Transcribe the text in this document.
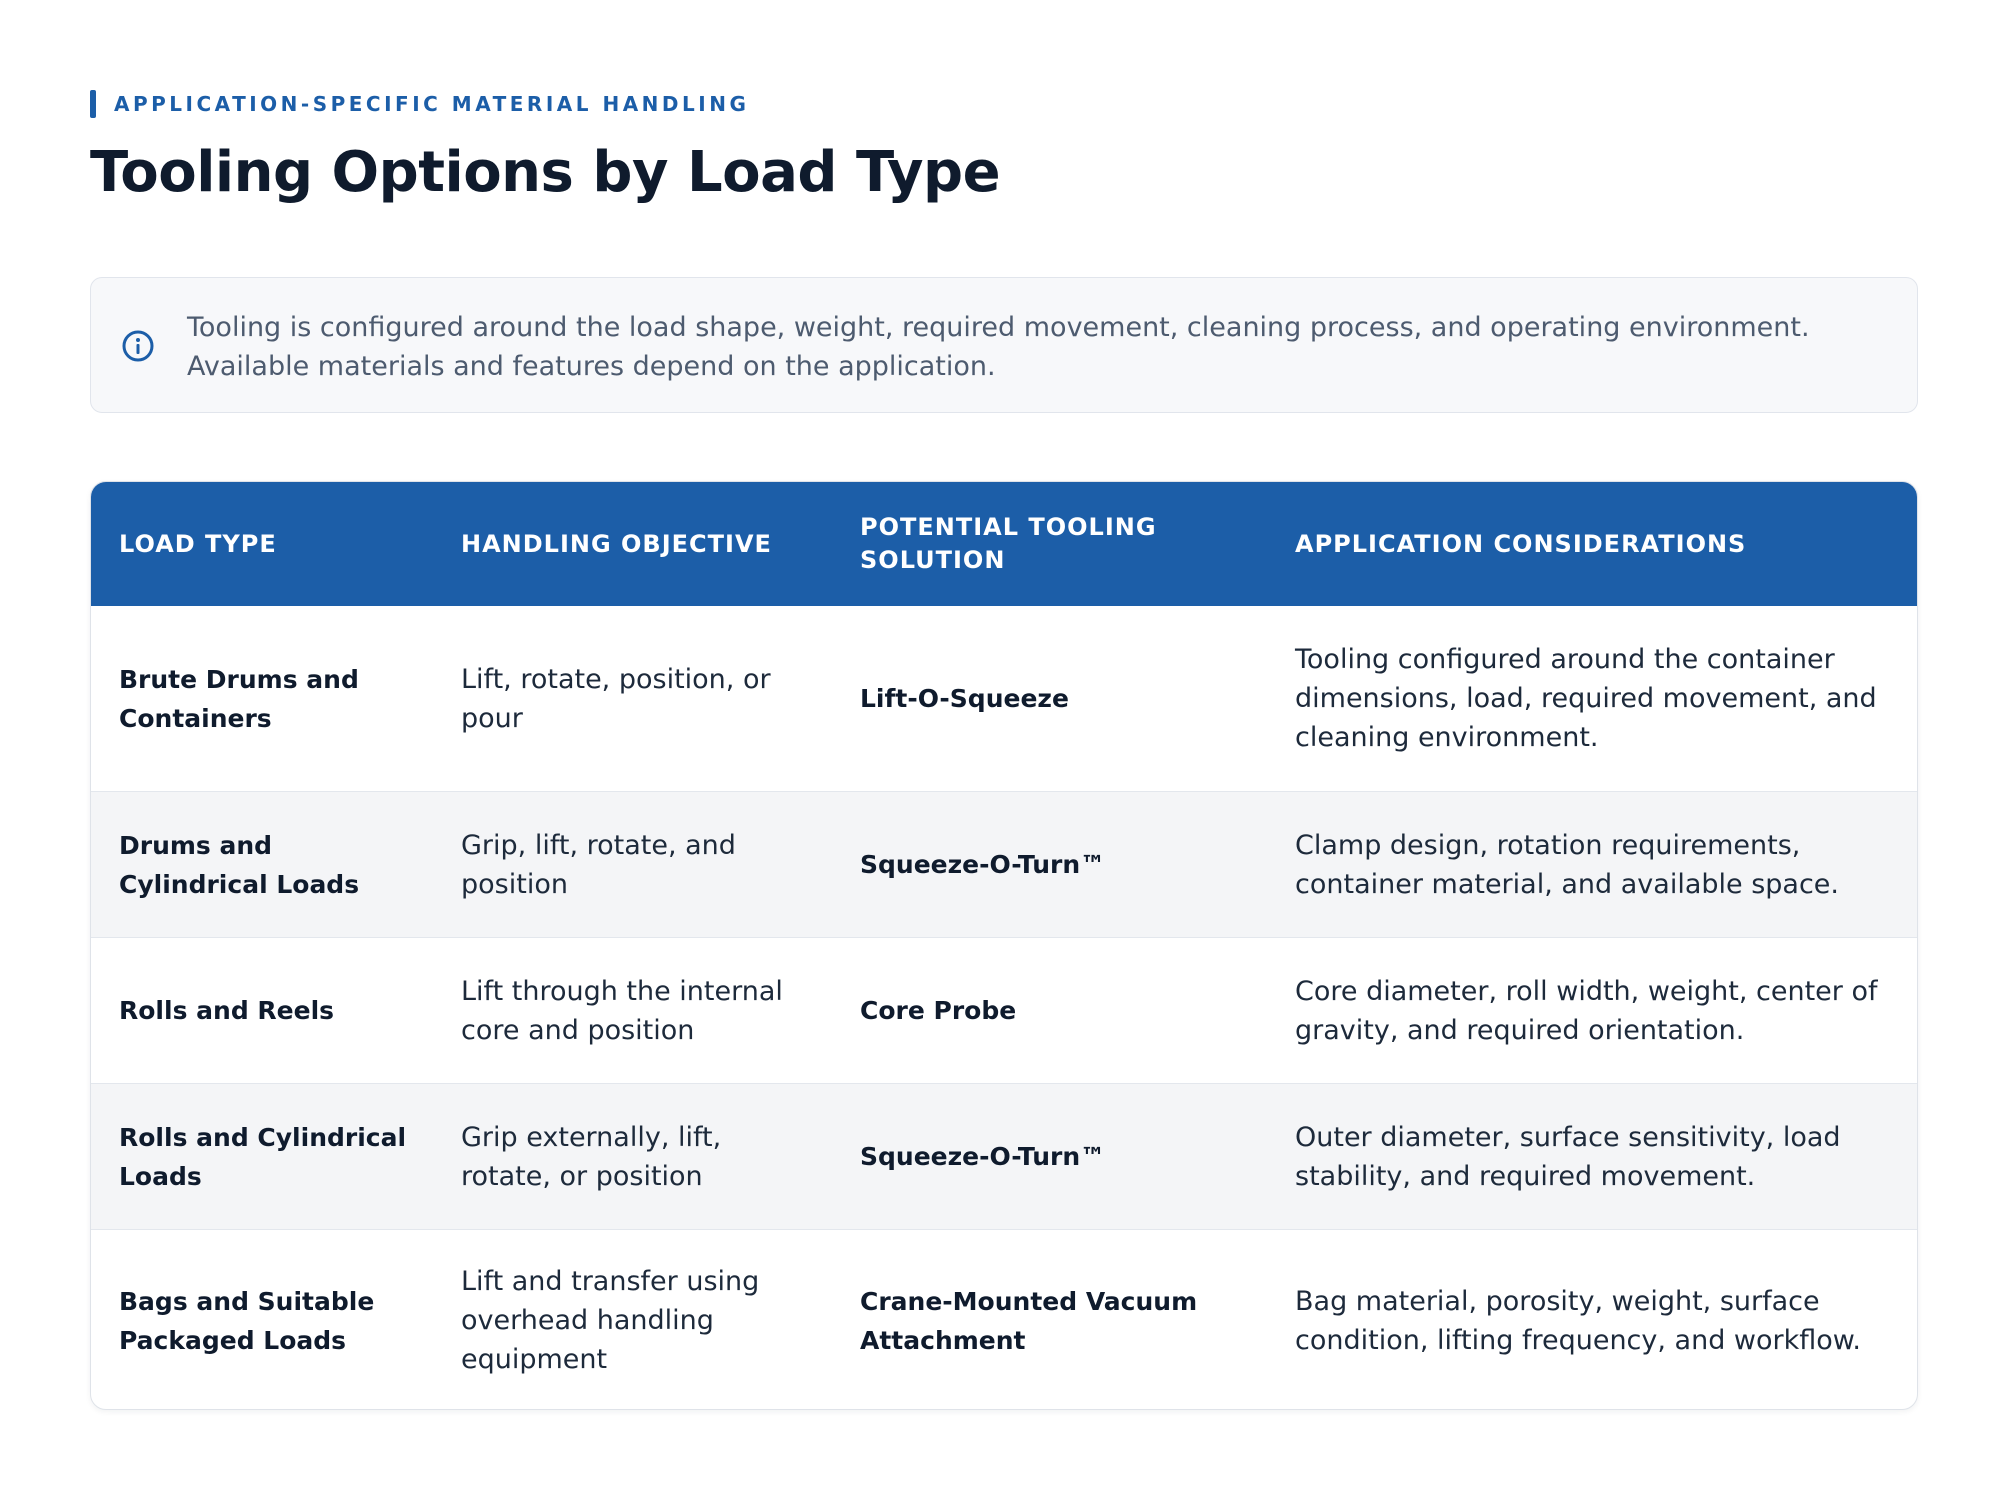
APPLICATION-SPECIFIC MATERIAL HANDLING
Tooling Options by Load Type
Tooling is configured around the load shape, weight, required movement, cleaning process, and operating environment. Available materials and features depend on the application.
LOAD TYPE	HANDLING OBJECTIVE
POTENTIAL TOOLING SOLUTION
APPLICATION CONSIDERATIONS
Brute Drums and Containers
Lift, rotate, position, or pour
Lift-O-Squeeze
Tooling configured around the container dimensions, load, required movement, and cleaning environment.
Drums and Cylindrical Loads
Grip, lift, rotate, and position
Squeeze-O-Turn™
Clamp design, rotation requirements, container material, and available space.
Rolls and Reels
Lift through the internal core and position
Core Probe
Core diameter, roll width, weight, center of gravity, and required orientation.
Rolls and Cylindrical Loads
Grip externally, lift, rotate, or position
Squeeze-O-Turn™
Outer diameter, surface sensitivity, load stability, and required movement.
Bags and Suitable Packaged Loads
Lift and transfer using overhead handling equipment
Crane-Mounted Vacuum Attachment
Bag material, porosity, weight, surface condition, lifting frequency, and workflow.
